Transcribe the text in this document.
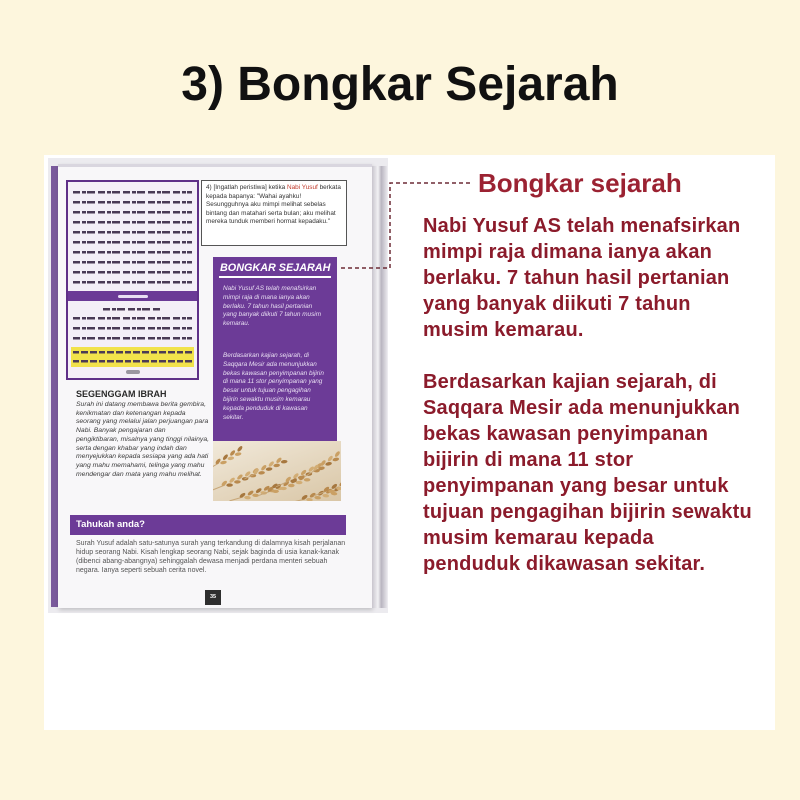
3) Bongkar Sejarah
4) [Ingatlah peristiwa] ketika Nabi Yusuf berkata kepada bapanya: "Wahai ayahku! Sesungguhnya aku mimpi melihat sebelas bintang dan matahari serta bulan; aku melihat mereka tunduk memberi hormat kepadaku."
BONGKAR SEJARAH
Nabi Yusuf AS telah menafsirkan mimpi raja di mana ianya akan berlaku. 7 tahun hasil pertanian yang banyak diikuti 7 tahun musim kemarau.
Berdasarkan kajian sejarah, di Saqqara Mesir ada menunjukkan bekas kawasan penyimpanan bijirin di mana 11 stor penyimpanan yang besar untuk tujuan pengagihan bijirin sewaktu musim kemarau kepada penduduk di kawasan sekitar.
SEGENGGAM IBRAH
Surah ini datang membawa berita gembira, kenikmatan dan ketenangan kepada seorang yang melalui jalan perjuangan para Nabi. Banyak pengajaran dan pengiktibaran, misalnya yang tinggi nilainya, serta dengan khabar yang indah dan menyejukkan kepada sesiapa yang ada hati yang mahu memahami, telinga yang mahu mendengar dan mata yang mahu melihat.
Tahukah anda?
Surah Yusuf adalah satu-satunya surah yang terkandung di dalamnya kisah perjalanan hidup seorang Nabi. Kisah lengkap seorang Nabi, sejak baginda di usia kanak-kanak (dibenci abang-abangnya) sehinggalah dewasa menjadi perdana menteri sebuah negara. Ianya seperti sebuah cerita novel.
35
Bongkar sejarah
Nabi Yusuf AS telah menafsirkan
mimpi raja dimana ianya akan
berlaku. 7 tahun hasil pertanian
yang banyak diikuti 7 tahun
musim kemarau.
Berdasarkan kajian sejarah, di
Saqqara Mesir ada menunjukkan
bekas kawasan penyimpanan
bijirin di mana 11 stor
penyimpanan yang besar untuk
tujuan pengagihan bijirin sewaktu
musim kemarau kepada
penduduk dikawasan sekitar.
